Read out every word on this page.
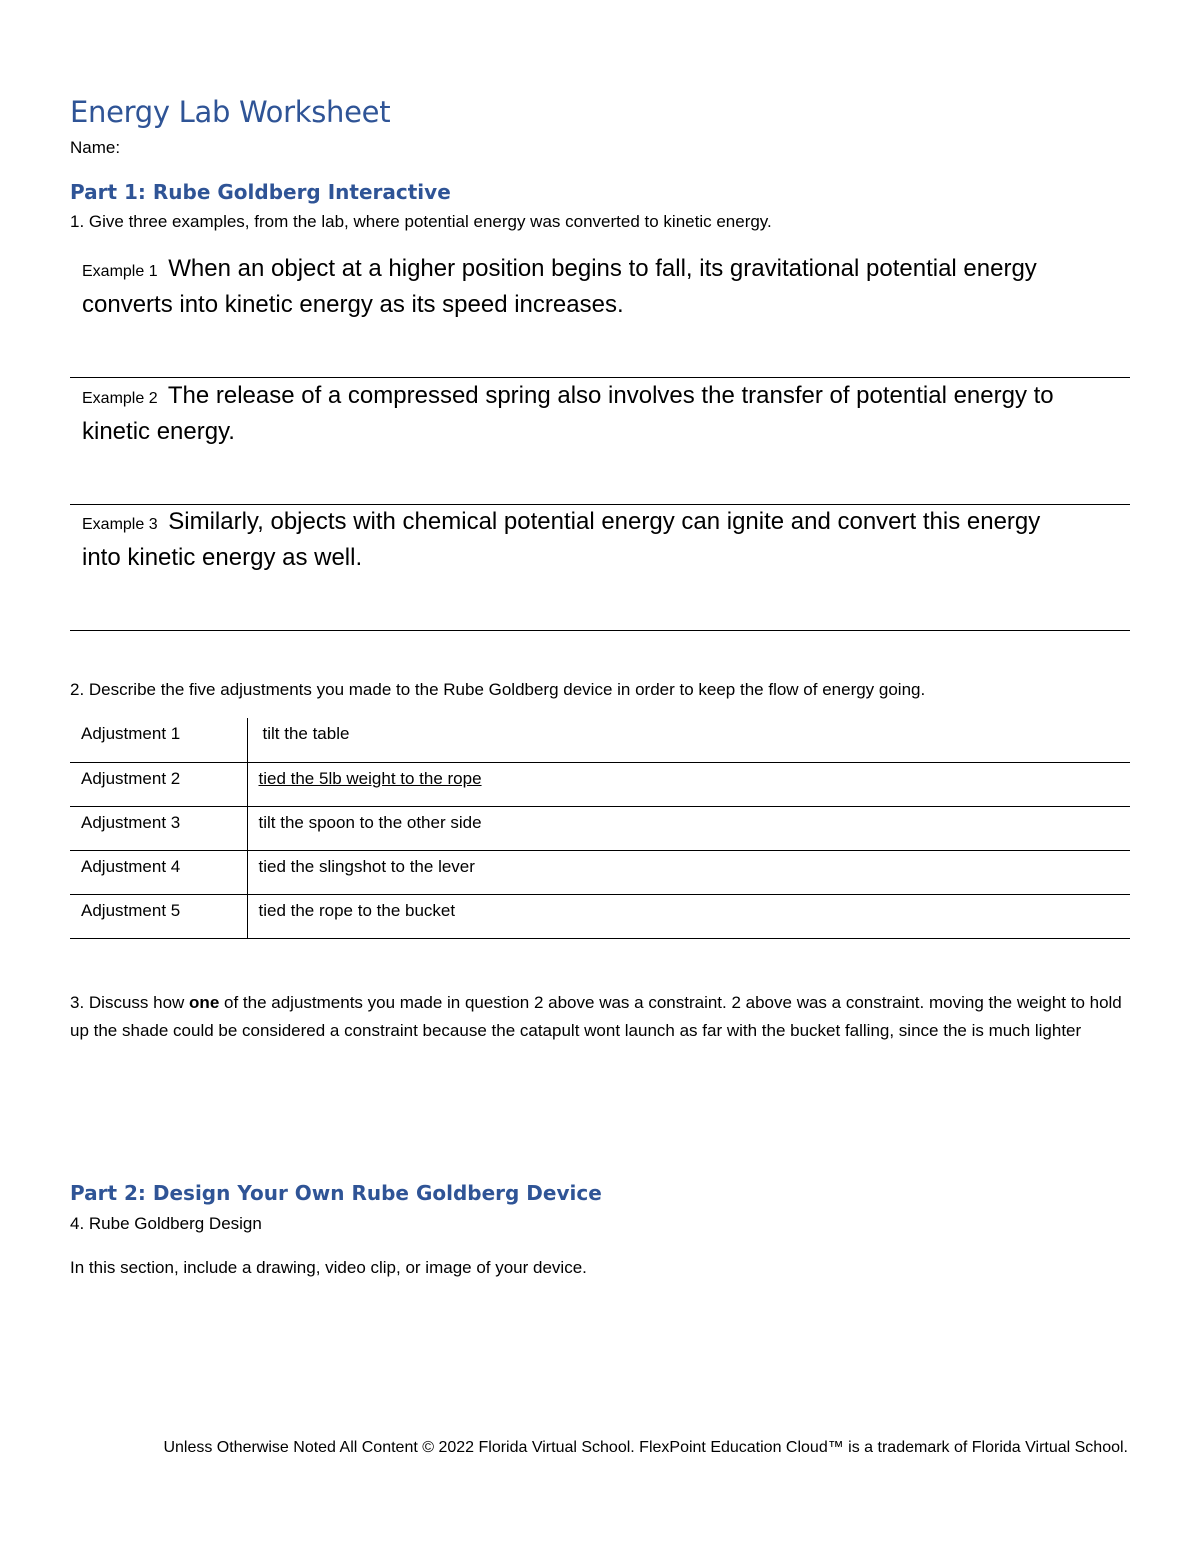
Energy Lab Worksheet
Name:
Part 1: Rube Goldberg Interactive
1. Give three examples, from the lab, where potential energy was converted to kinetic energy.
Example 1 When an object at a higher position begins to fall, its gravitational potential energy converts into kinetic energy as its speed increases.
Example 2 The release of a compressed spring also involves the transfer of potential energy to kinetic energy.
Example 3 Similarly, objects with chemical potential energy can ignite and convert this energy into kinetic energy as well.
2. Describe the five adjustments you made to the Rube Goldberg device in order to keep the flow of energy going.
Adjustment 1	tilt the table
Adjustment 2	tied the 5lb weight to the rope
Adjustment 3	tilt the spoon to the other side
Adjustment 4	tied the slingshot to the lever
Adjustment 5	tied the rope to the bucket
3. Discuss how one of the adjustments you made in question 2 above was a constraint. 2 above was a constraint. moving the weight to hold up the shade could be considered a constraint because the catapult wont launch as far with the bucket falling, since the is much lighter
Part 2: Design Your Own Rube Goldberg Device
4. Rube Goldberg Design
In this section, include a drawing, video clip, or image of your device.
Unless Otherwise Noted All Content © 2022 Florida Virtual School. FlexPoint Education Cloud™ is a trademark of Florida Virtual School.
